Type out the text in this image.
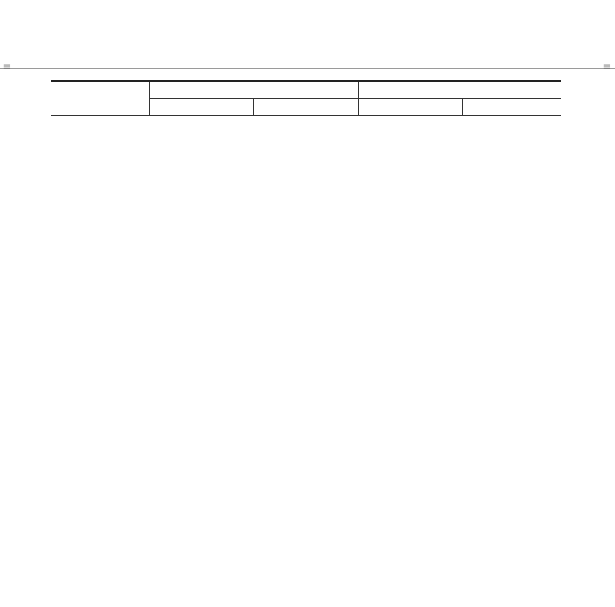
≡	≡
